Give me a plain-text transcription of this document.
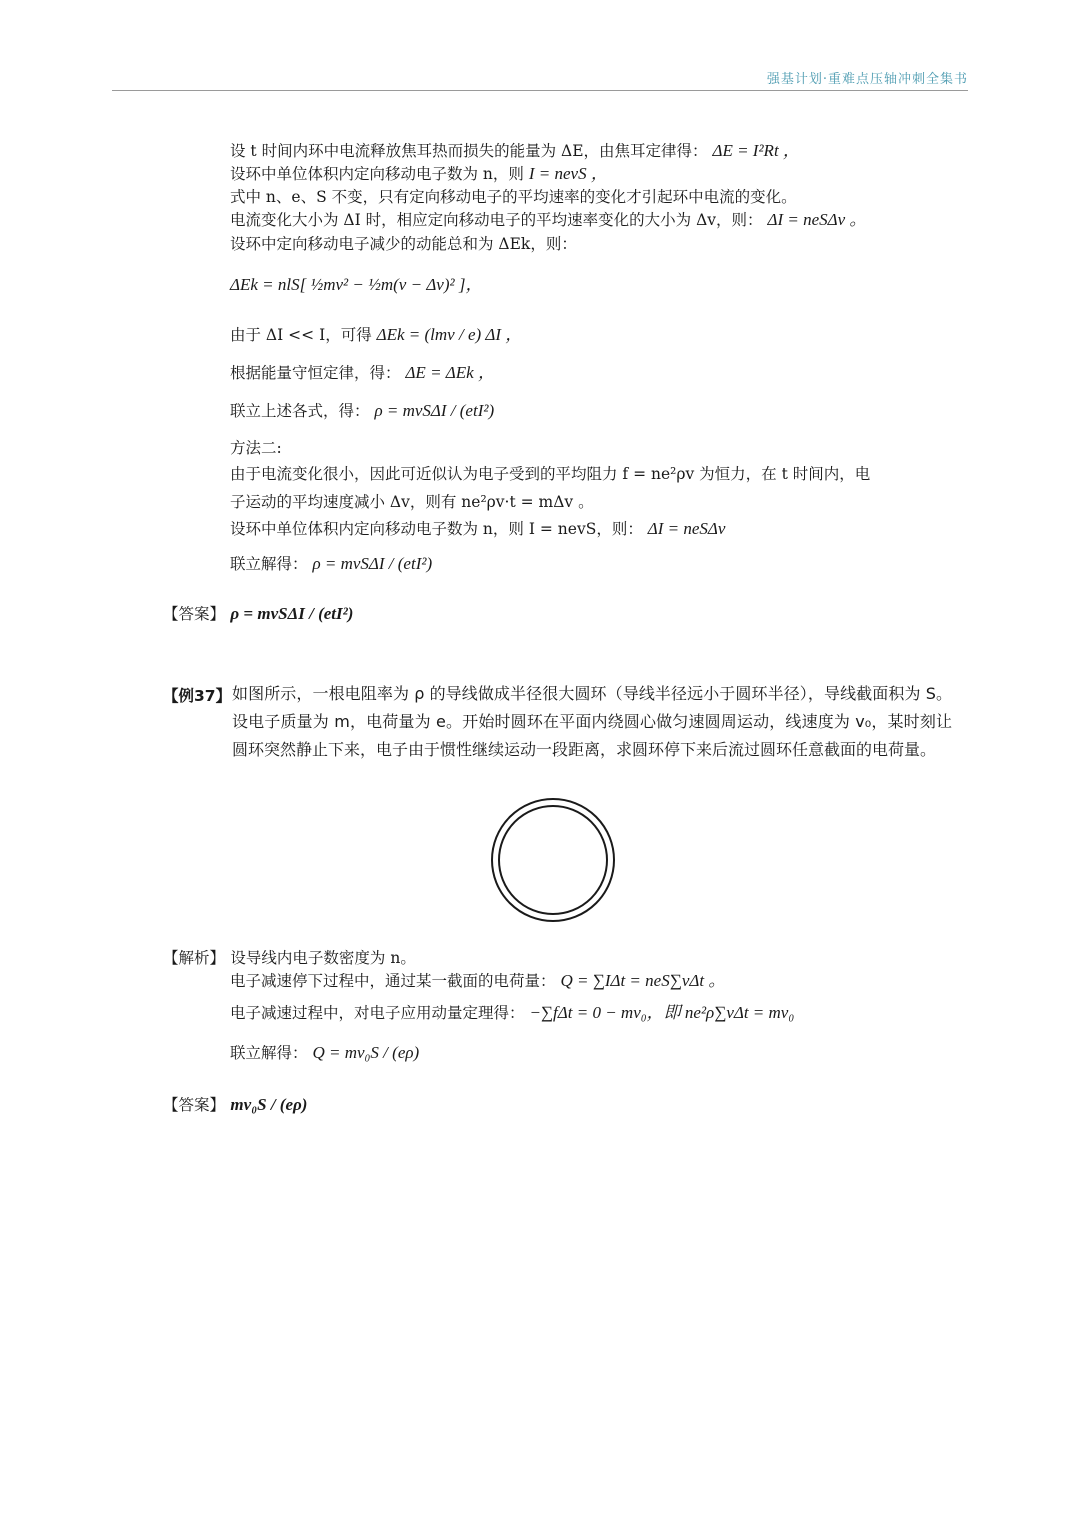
强基计划·重难点压轴冲刺全集书
设 t 时间内环中电流释放焦耳热而损失的能量为 ΔE，由焦耳定律得： ΔE = I²Rt ，
设环中单位体积内定向移动电子数为 n，则 I = nevS ，
式中 n、e、S 不变，只有定向移动电子的平均速率的变化才引起环中电流的变化。
电流变化大小为 ΔI 时，相应定向移动电子的平均速率变化的大小为 Δv，则： ΔI = neSΔv 。
设环中定向移动电子减少的动能总和为 ΔEk，则：
ΔEk = nlS[ ½mv² − ½m(v − Δv)² ]，
由于 ΔI << I，可得 ΔEk = (lmv / e) ΔI ，
根据能量守恒定律，得： ΔE = ΔEk ，
联立上述各式，得： ρ = mvSΔI / (etI²)
方法二:
由于电流变化很小，因此可近似认为电子受到的平均阻力 f = ne²ρv 为恒力，在 t 时间内，电
子运动的平均速度减小 Δv，则有 ne²ρv·t = mΔv 。
设环中单位体积内定向移动电子数为 n，则 I = nevS，则： ΔI = neSΔv
联立解得： ρ = mvSΔI / (etI²)
【答案】 ρ = mvSΔI / (etI²)
【例37】 如图所示，一根电阻率为 ρ 的导线做成半径很大圆环（导线半径远小于圆环半径），导线截面积为 S。设电子质量为 m，电荷量为 e。开始时圆环在平面内绕圆心做匀速圆周运动，线速度为 v₀，某时刻让圆环突然静止下来，电子由于惯性继续运动一段距离，求圆环停下来后流过圆环任意截面的电荷量。
【解析】 设导线内电子数密度为 n。
电子减速停下过程中，通过某一截面的电荷量： Q = ∑IΔt = neS∑vΔt 。
电子减速过程中，对电子应用动量定理得： −∑fΔt = 0 − mv₀，即 ne²ρ∑vΔt = mv₀
联立解得： Q = mv₀S / (eρ)
【答案】 mv₀S / (eρ)
